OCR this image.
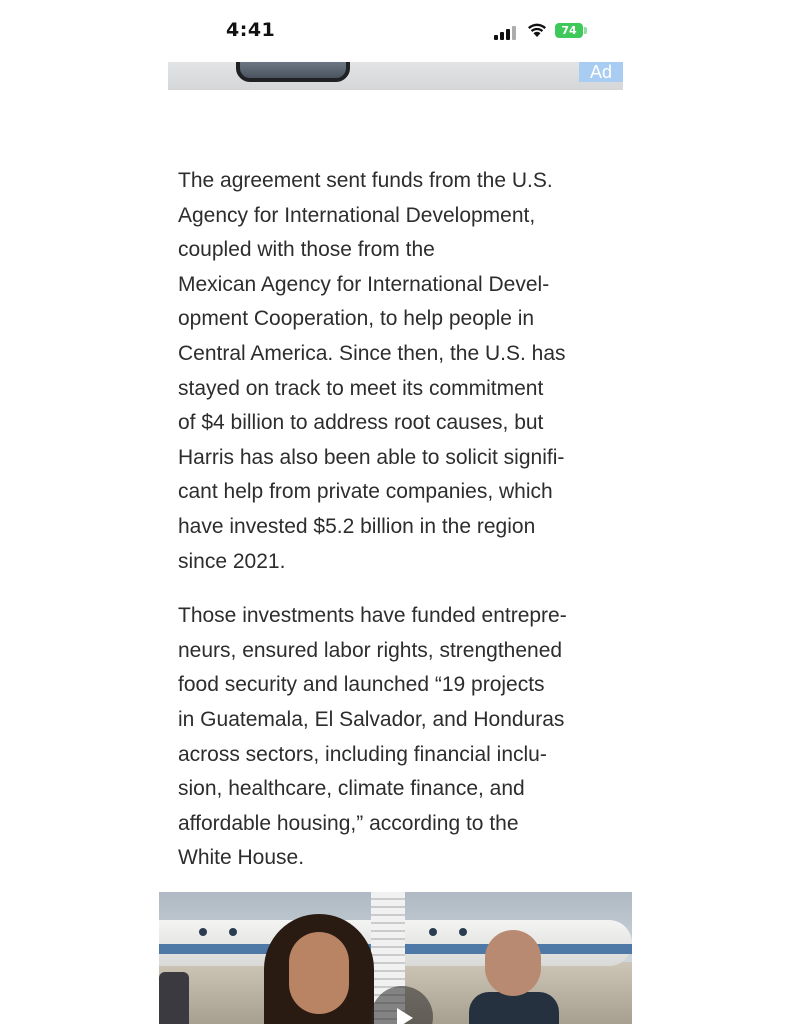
4:41	74
Ad

The agreement sent funds from the U.S.
Agency for International Development,
coupled with those from the
Mexican Agency for International Devel-
opment Cooperation, to help people in
Central America. Since then, the U.S. has
stayed on track to meet its commitment
of $4 billion to address root causes, but
Harris has also been able to solicit signifi-
cant help from private companies, which
have invested $5.2 billion in the region
since 2021.

Those investments have funded entrepre-
neurs, ensured labor rights, strengthened
food security and launched “19 projects
in Guatemala, El Salvador, and Honduras
across sectors, including financial inclu-
sion, healthcare, climate finance, and
affordable housing,” according to the
White House.
